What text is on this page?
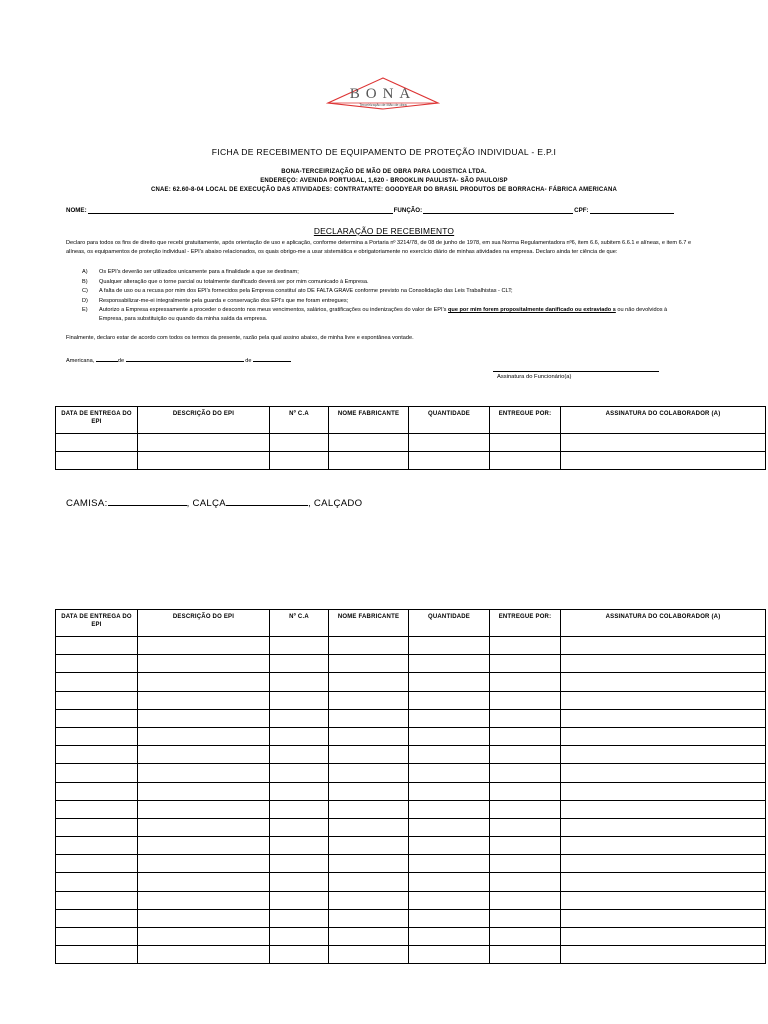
BONA
Terceirização de Mão de obra
FICHA DE RECEBIMENTO DE EQUIPAMENTO DE PROTEÇÃO INDIVIDUAL - E.P.I
BONA-TERCEIRIZAÇÃO DE MÃO DE OBRA PARA LOGISTICA LTDA.
ENDEREÇO: AVENIDA PORTUGAL, 1,620 - BROOKLIN PAULISTA- SÃO PAULO/SP
CNAE: 62.60-8-04 LOCAL DE EXECUÇÃO DAS ATIVIDADES: CONTRATANTE: GOODYEAR DO BRASIL PRODUTOS DE BORRACHA- FÁBRICA AMERICANA
NOME:	FUNÇÃO:	CPF:
DECLARAÇÃO DE RECEBIMENTO
Declaro para todos os fins de direito que recebi gratuitamente, após orientação de uso e aplicação, conforme determina a Portaria nº 3214/78, de 08 de junho de 1978, em sua Norma Regulamentadora nº6, item 6.6, subitem 6.6.1 e alíneas, e item 6.7 e alíneas, os equipamentos de proteção individual - EPI's abaixo relacionados, os quais obrigo-me a usar sistemática e obrigatoriamente no exercício diário de minhas atividades na empresa. Declaro ainda ter ciência de que:
A)	Os EPI's deverão ser utilizados unicamente para a finalidade a que se destinam;
B)	Qualquer alteração que o torne parcial ou totalmente danificado deverá ser por mim comunicado à Empresa.
C)	A falta de uso ou a recusa por mim dos EPI's fornecidos pela Empresa constituí ato DE FALTA GRAVE conforme previsto na Consolidação das Leis Trabalhistas - CLT;
D)	Responsabilizar-me-ei integralmente pela guarda e conservação dos EPI's que me foram entregues;
E)	Autorizo a Empresa expressamente a proceder o desconto nos meus vencimentos, salários, gratificações ou indenizações do valor de EPI's que por mim forem propositalmente danificado ou extraviado s ou não devolvidos à Empresa, para substituição ou quando da minha saída da empresa.
Finalmente, declaro estar de acordo com todos os termos da presente, razão pela qual assino abaixo, de minha livre e espontânea vontade.
Americana,	de	de
Assinatura do Funcionário(a)
DATA DE ENTREGA DO EPI	DESCRIÇÃO DO EPI	Nº C.A	NOME FABRICANTE	QUANTIDADE	ENTREGUE POR:	ASSINATURA DO COLABORADOR (A)

CAMISA:	, CALÇA	, CALÇADO
DATA DE ENTREGA DO EPI	DESCRIÇÃO DO EPI	Nº C.A	NOME FABRICANTE	QUANTIDADE	ENTREGUE POR:	ASSINATURA DO COLABORADOR (A)
